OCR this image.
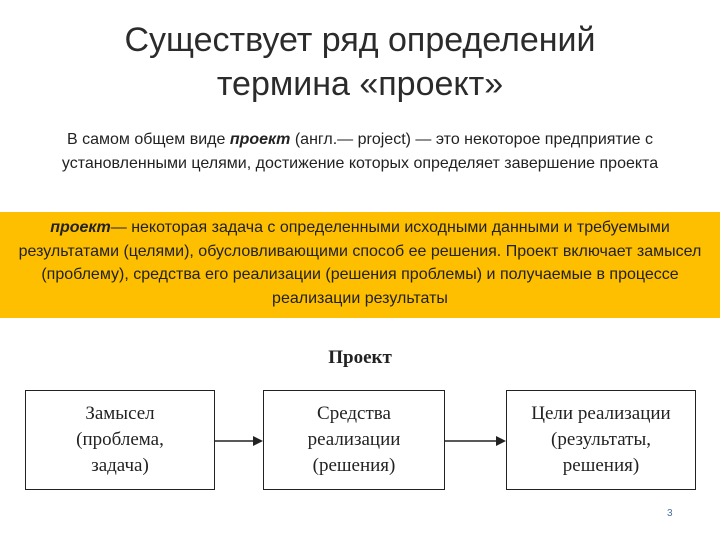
Существует ряд определений
термина «проект»
В самом общем виде проект (англ.— project) — это некоторое предприятие с установленными целями, достижение которых определяет завершение проекта
проект— некоторая задача с определенными исходными данными и требуемыми результатами (целями), обусловливающими способ ее решения. Проект включает замысел (проблему), средства его реализации (решения проблемы) и получаемые в процессе реализации результаты
Проект
Замысел
(проблема,
задача)
Средства
реализации
(решения)
Цели реализации
(результаты,
решения)
3
